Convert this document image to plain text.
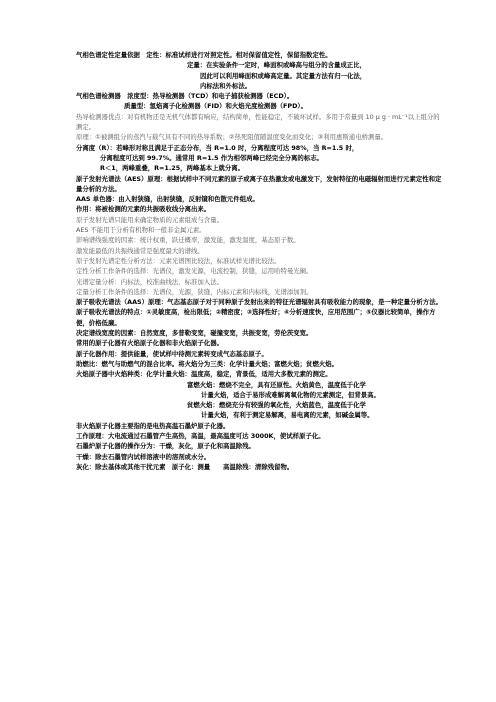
气相色谱定性定量依据　定性：标准试样进行对照定性。相对保留值定性，保留指数定性。
定量：在实验条件一定时，峰面积或峰高与组分的含量成正比，
因此可以利用峰面积或峰高定量。其定量方法有归一化法，
内标法和外标法。
气相色谱检测器　浓度型：热导检测器（TCD）和电子捕获检测器（ECD）。
质量型：氢焰离子化检测器（FID）和火焰光度检测器（FPD）。
热导检测器优点：对有机物还是无机气体都有响应，结构简单，性能稳定，不破坏试样。多用于常量到 10 μ g · mL⁻¹以上组分的测定。
原理：①被测组分的蒸汽与载气具有不同的热导系数；②热死阻值随温度变化而变化；③利用惠斯通电桥测量。
分离度（R）：若峰形对称且满足于正态分布，当 R=1.0 时，分离程度可达 98%，当 R=1.5 时，
分离程度可达到 99.7%。通常用 R=1.5 作为相邻两峰已经完全分离的标志。
R＜1，两峰重叠，R=1.25，两峰基本上就分离。
原子发射光谱法（AES）原理：根据试样中不同元素的原子或离子在热激发或电激发下，发射特征的电磁辐射而进行元素定性和定量分析的方法。
AAS 单色器：由入射狭缝，出射狭缝，反射镜和色散元件组成。
作用：将被检测的元素的共振吸收线分离出来。
原子发射光谱只能用来确定物质的元素组成与含量。
AES 不能用于分析有机物和一般非金属元素。
影响谱线强度的因素：统计权重，跃迁概率，激发能，激发温度，基态原子数。
激发能最低的共振线通常是强度最大的谱线。
原子发射光谱定性分析方法：元素光谱图比较法，标准试样光谱比较法。
定性分析工作条件的选择：光谱仪，激发光源，电流控制，狭缝，运用哈特曼光阑。
光谱定量分析：内标法，校准曲线法，标准加入法。
定量分析工作条件的选择：光谱仪，光源，狭缝，内标元素和内标线，光谱添加剂。
原子吸收光谱法（AAS）原理：气态基态原子对于同种原子发射出来的特征光谱辐射具有吸收能力的现象，是一种定量分析方法。
原子吸收光谱法的特点：①灵敏度高，检出限低；②精密度；③选择性好；④分析速度快，应用范围广；⑤仪器比较简单，操作方便，价格低廉。
决定谱线宽度的因素：自然宽度，多普勒变宽，碰撞变宽，共振变宽，劳伦茨变宽。
常用的原子化器有火焰原子化器和非火焰原子化器。
原子化器作用：提供能量，使试样中待测元素转变成气态基态原子。
助燃比：燃气与助燃气的混合比率。将火焰分为三类：化学计量火焰；富燃火焰；贫燃火焰。
火焰原子器中火焰种类：化学计量火焰：温度高，稳定，背景低，适用大多数元素的测定。
富燃火焰：燃烧不完全，具有还原性。火焰黄色，温度低于化学
计量火焰，适合于易形成难解离氧化物的元素测定，但背景高。
贫燃火焰：燃烧充分有较强的氧化性，火焰蓝色，温度低于化学
计量火焰，有利于测定易解离，易电离的元素，如碱金属等。
非火焰原子化器主要指的是电热高温石墨炉原子化器。
工作原理：大电流通过石墨管产生高热，高温，最高温度可达 3000K，使试样原子化。
石墨炉原子化器的操作分为：干燥，灰化，原子化和高温除残。
干燥：除去石墨管内试样溶液中的溶剂或水分。
灰化：除去基体或其他干扰元素　原子化：测量　　高温除残：清除残留物。
